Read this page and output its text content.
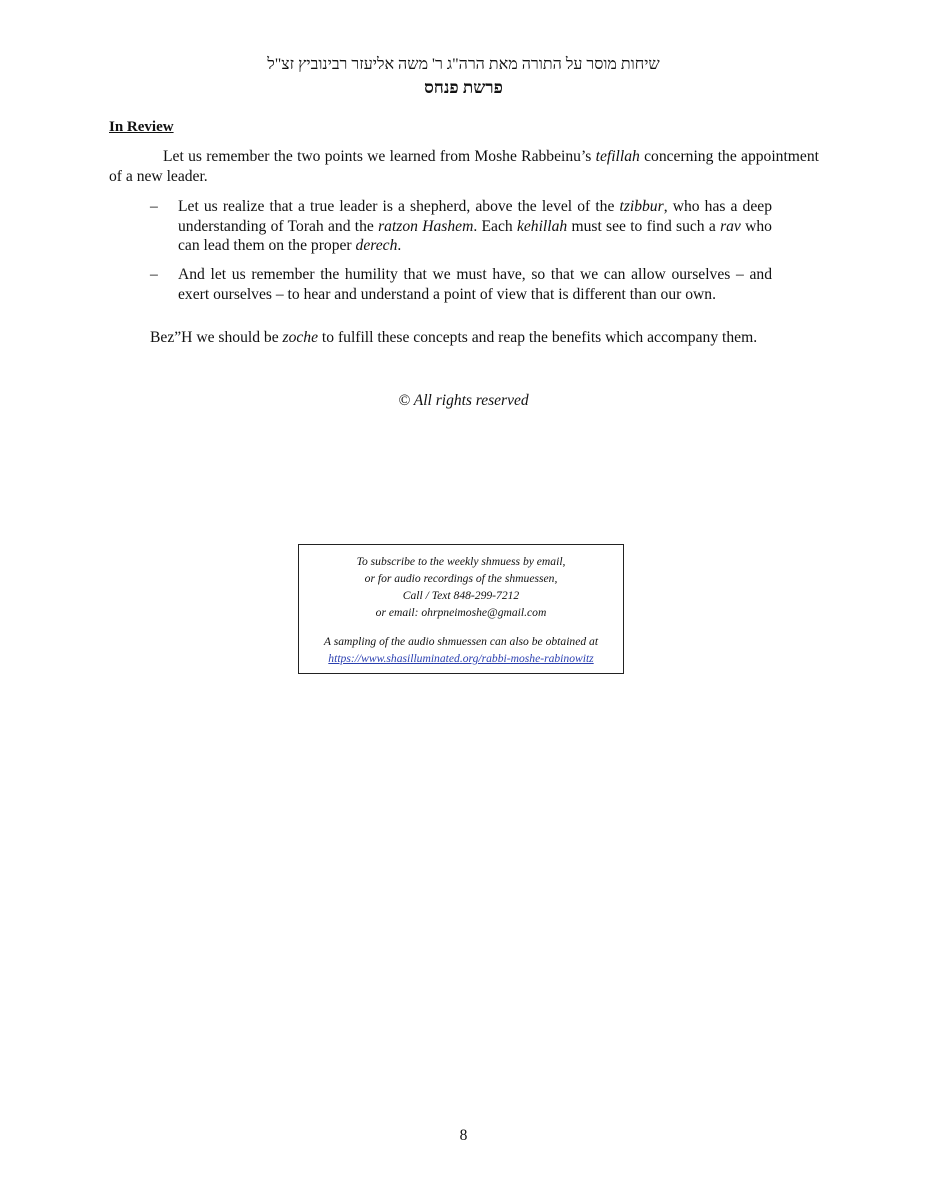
שיחות מוסר על התורה מאת הרה"ג ר' משה אליעזר רבינוביץ זצ"ל
פרשת פנחס
In Review
Let us remember the two points we learned from Moshe Rabbeinu’s tefillah concerning the appointment of a new leader.
–	Let us realize that a true leader is a shepherd, above the level of the tzibbur, who has a deep understanding of Torah and the ratzon Hashem. Each kehillah must see to find such a rav who can lead them on the proper derech.
–	And let us remember the humility that we must have, so that we can allow ourselves – and exert ourselves – to hear and understand a point of view that is different than our own.
Bez”H we should be zoche to fulfill these concepts and reap the benefits which accompany them.
© All rights reserved
To subscribe to the weekly shmuess by email,
or for audio recordings of the shmuessen,
Call / Text 848-299-7212
or email: ohrpneimoshe@gmail.com
A sampling of the audio shmuessen can also be obtained at
https://www.shasilluminated.org/rabbi-moshe-rabinowitz
8
